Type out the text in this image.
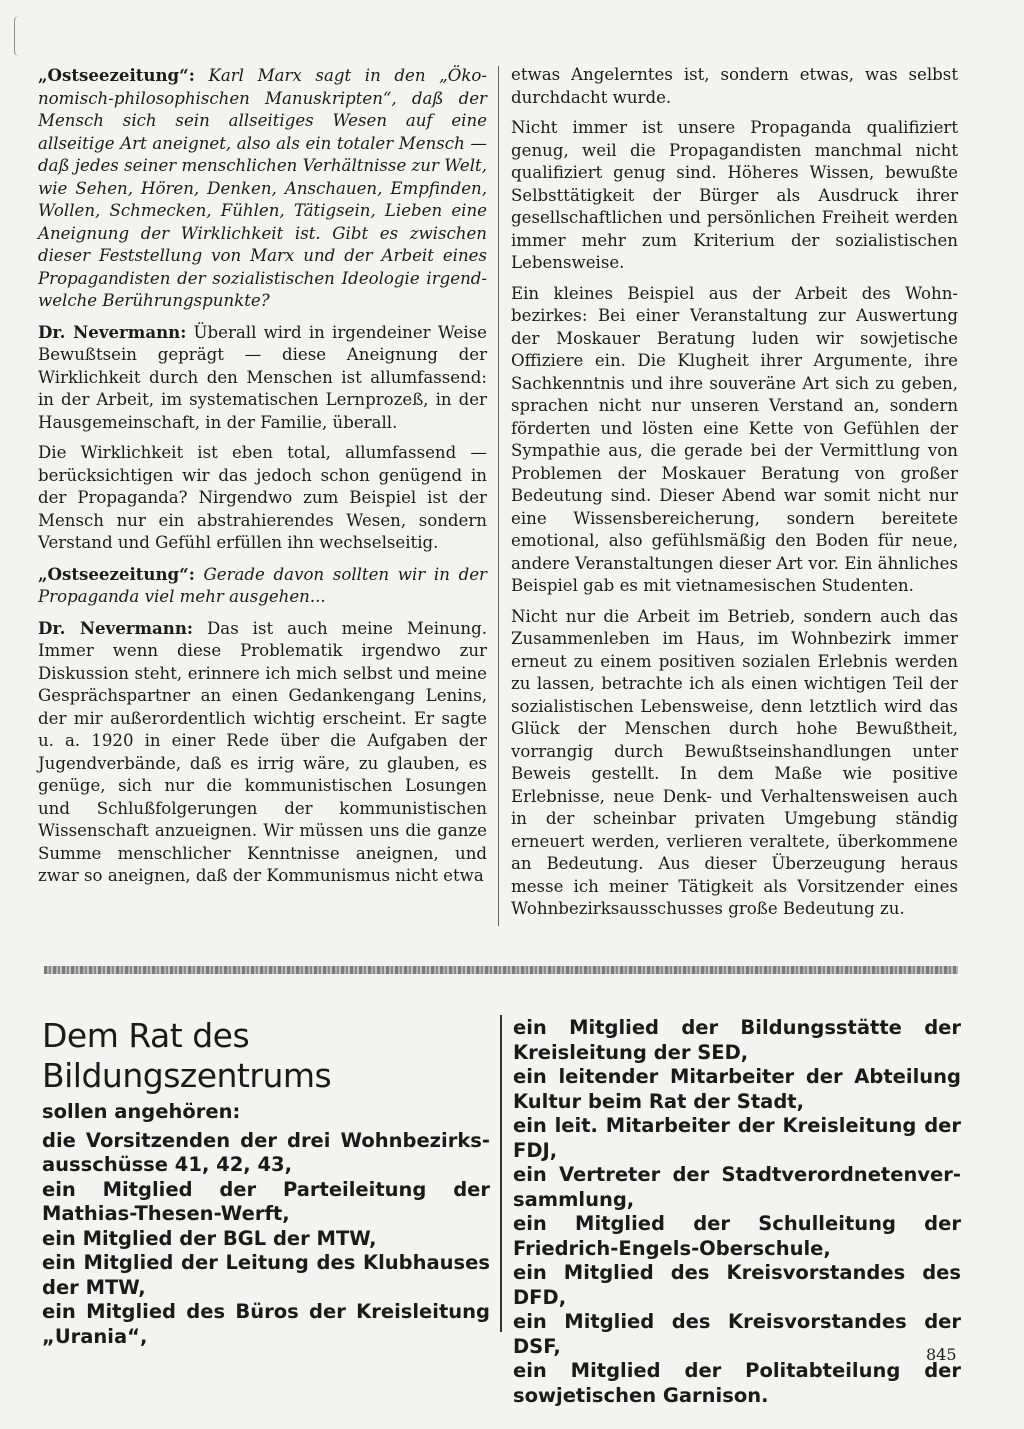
„Ostseezeitung“: Karl Marx sagt in den „Ökonomisch-philosophischen Manuskripten“, daß der Mensch sich sein allseitiges Wesen auf eine allseitige Art aneignet, also als ein totaler Mensch — daß jedes seiner menschlichen Verhältnisse zur Welt, wie Sehen, Hören, Denken, Anschauen, Empfinden, Wollen, Schmecken, Fühlen, Tätigsein, Lieben eine Aneignung der Wirklichkeit ist. Gibt es zwischen dieser Feststellung von Marx und der Arbeit eines Propagandisten der sozialistischen Ideologie irgendwelche Berührungspunkte?

Dr. Nevermann: Überall wird in irgendeiner Weise Bewußtsein geprägt — diese Aneignung der Wirklichkeit durch den Menschen ist allumfassend: in der Arbeit, im systematischen Lernprozeß, in der Hausgemeinschaft, in der Familie, überall.

Die Wirklichkeit ist eben total, allumfassend — berücksichtigen wir das jedoch schon genügend in der Propaganda? Nirgendwo zum Beispiel ist der Mensch nur ein abstrahierendes Wesen, sondern Verstand und Gefühl erfüllen ihn wechselseitig.

„Ostseezeitung“: Gerade davon sollten wir in der Propaganda viel mehr ausgehen...

Dr. Nevermann: Das ist auch meine Meinung. Immer wenn diese Problematik irgendwo zur Diskussion steht, erinnere ich mich selbst und meine Gesprächspartner an einen Gedankengang Lenins, der mir außerordentlich wichtig erscheint. Er sagte u. a. 1920 in einer Rede über die Aufgaben der Jugendverbände, daß es irrig wäre, zu glauben, es genüge, sich nur die kommunistischen Losungen und Schlußfolgerungen der kommunistischen Wissenschaft anzueignen. Wir müssen uns die ganze Summe menschlicher Kenntnisse aneignen, und zwar so aneignen, daß der Kommunismus nicht etwa

etwas Angelerntes ist, sondern etwas, was selbst durchdacht wurde.

Nicht immer ist unsere Propaganda qualifiziert genug, weil die Propagandisten manchmal nicht qualifiziert genug sind. Höheres Wissen, bewußte Selbsttätigkeit der Bürger als Ausdruck ihrer gesellschaftlichen und persönlichen Freiheit werden immer mehr zum Kriterium der sozialistischen Lebensweise.

Ein kleines Beispiel aus der Arbeit des Wohnbezirkes: Bei einer Veranstaltung zur Auswertung der Moskauer Beratung luden wir sowjetische Offiziere ein. Die Klugheit ihrer Argumente, ihre Sachkenntnis und ihre souveräne Art sich zu geben, sprachen nicht nur unseren Verstand an, sondern förderten und lösten eine Kette von Gefühlen der Sympathie aus, die gerade bei der Vermittlung von Problemen der Moskauer Beratung von großer Bedeutung sind. Dieser Abend war somit nicht nur eine Wissensbereicherung, sondern bereitete emotional, also gefühlsmäßig den Boden für neue, andere Veranstaltungen dieser Art vor. Ein ähnliches Beispiel gab es mit vietnamesischen Studenten.

Nicht nur die Arbeit im Betrieb, sondern auch das Zusammenleben im Haus, im Wohnbezirk immer erneut zu einem positiven sozialen Erlebnis werden zu lassen, betrachte ich als einen wichtigen Teil der sozialistischen Lebensweise, denn letztlich wird das Glück der Menschen durch hohe Bewußtheit, vorrangig durch Bewußtseinshandlungen unter Beweis gestellt. In dem Maße wie positive Erlebnisse, neue Denk- und Verhaltensweisen auch in der scheinbar privaten Umgebung ständig erneuert werden, verlieren veraltete, überkommene an Bedeutung. Aus dieser Überzeugung heraus messe ich meiner Tätigkeit als Vorsitzender eines Wohnbezirksausschusses große Bedeutung zu.

Dem Rat des Bildungszentrums
sollen angehören:
die Vorsitzenden der drei Wohnbezirksausschüsse 41, 42, 43,
ein Mitglied der Parteileitung der Mathias-Thesen-Werft,
ein Mitglied der BGL der MTW,
ein Mitglied der Leitung des Klubhauses der MTW,
ein Mitglied des Büros der Kreisleitung „Urania“,
ein Mitglied der Bildungsstätte der Kreisleitung der SED,
ein leitender Mitarbeiter der Abteilung Kultur beim Rat der Stadt,
ein leit. Mitarbeiter der Kreisleitung der FDJ,
ein Vertreter der Stadtverordnetenversammlung,
ein Mitglied der Schulleitung der Friedrich-Engels-Oberschule,
ein Mitglied des Kreisvorstandes des DFD,
ein Mitglied des Kreisvorstandes der DSF,
ein Mitglied der Politabteilung der sowjetischen Garnison.
845
